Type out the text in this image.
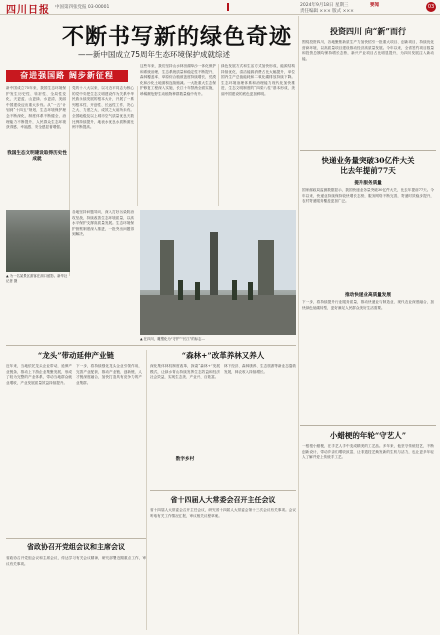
四川日报 中国第四张党报 03·00001	2024年9月18日 星期三	要闻
责任编辑 ××× 版式 ×××
03
不断书写新的绿色奇迹
——新中国成立75周年生态环境保护成就综述
奋进强国路 阔步新征程
新中国成立75年来，我国生态环境保护发生历史性、转折性、全局性变化，天更蓝、山更绿、水更清，美丽中国建设迈出重大步伐。从“一五”计划到“十四五”规划，生态环境保护理念不断深化，制度体系不断健全，治理能力不断提升，人民群众生态环境获得感、幸福感、安全感显著增强。
我国生态文明建设取得历史性成就
党的十八大以来，以习近平同志为核心的党中央把生态文明建设作为关系中华民族永续发展的根本大计，开展了一系列根本性、开创性、长远性工作，决心之大、力度之大、成效之大前所未有。全国地级及以上城市空气质量优良天数比例持续提升，地表水优良水质断面比例不断提高。
这些年来，我们坚持山水林田湖草沙一体化保护和系统治理，生态系统质量和稳定性不断提升，森林覆盖率、草原综合植被盖度持续增长，荒漠化和沙化土地面积连续缩减。一大批重大生态保护修复工程深入实施，长江十年禁渔全面实施，珍稀濒危野生动植物种群数量稳中有升。
绿色发展方式和生活方式加快形成，能源结构持续优化，清洁能源消费占比大幅提升，单位国内生产总值能耗和二氧化碳排放持续下降。生态环境治理体系和治理能力现代化加快推进，生态文明制度的“四梁八柱”基本形成，美丽中国建设的底色更加鲜明。
▲ 为一名某景区游客在洞口留影。新华社记者 摄
各地坚持问题导向，深入打好污染防治攻坚战，持续改善生态环境质量，以高水平保护支撑高质量发展。生态环境保护督察制度深入推进，一批突出问题得到解决。
▲ 在四川，雕塑化为“守护”“长江”的标志…
投资四川 向“新”而行
围绕投资四川，各地聚焦新质生产力加快招引一批重大项目、创新项目，持续优化营商环境，以高质量项目建设推动经济高质量发展。今年以来，全省签约项目数量和投资总额均保持增长态势，新兴产业项目占比明显提升，为四川发展注入新动能。
快递业务量突破30亿件大关
比去年提前77天
提升服务质量
国家邮政局监测数据显示，我国快递业务量突破30亿件大关，比去年提前77天。今年以来，快递业持续保持较快增长态势，服务网络不断完善，寄递时效稳步提升，农村寄递服务覆盖更加广泛。
推动快递业高质量发展
下一步，将持续提升行业服务质量，推动快递业与制造业、现代农业深度融合，加快绿色低碳转型，更好满足人民群众美好生活需要。
小蜡梗的年轮“守艺人”
一根根小蜡梗，在手艺人手中变成精美的工艺品。多年来，他坚守传统技艺，不断创新设计，带动乡亲们增收致富，让非遗技艺焕发新的生机与活力，也让更多年轻人了解并爱上传统手工艺。
“龙头”带动延伸产业链
近年来，当地依托龙头企业带动，延伸产业链条，推动上下游企业集聚发展，形成了较为完整的产业体系，带动当地群众就业增收，产业发展质量效益持续提升。
下一步，将持续强化龙头企业引领作用，完善产业配套，推动产业链、创新链、人才链深度融合，加快打造具有竞争力的产业集群。
“森林+”改革养林又养人
深化集体林权制度改革，探索“森林+”发展模式，让绿水青山持续发挥生态效益和经济社会效益，实现生态美、产业兴、百姓富。
林下经济、森林康养、生态旅游等新业态蓬勃发展，林农收入持续增长。
数字乡村
省十四届人大常委会召开主任会议
省十四届人大常委会召开主任会议，研究省十四届人大常委会第十三次会议有关事项。会议听取有关工作情况汇报，审议相关议程草案。
省政协召开党组会议和主席会议
省政协召开党组会议和主席会议，传达学习有关会议精神，研究部署近期重点工作，审议有关事项。
